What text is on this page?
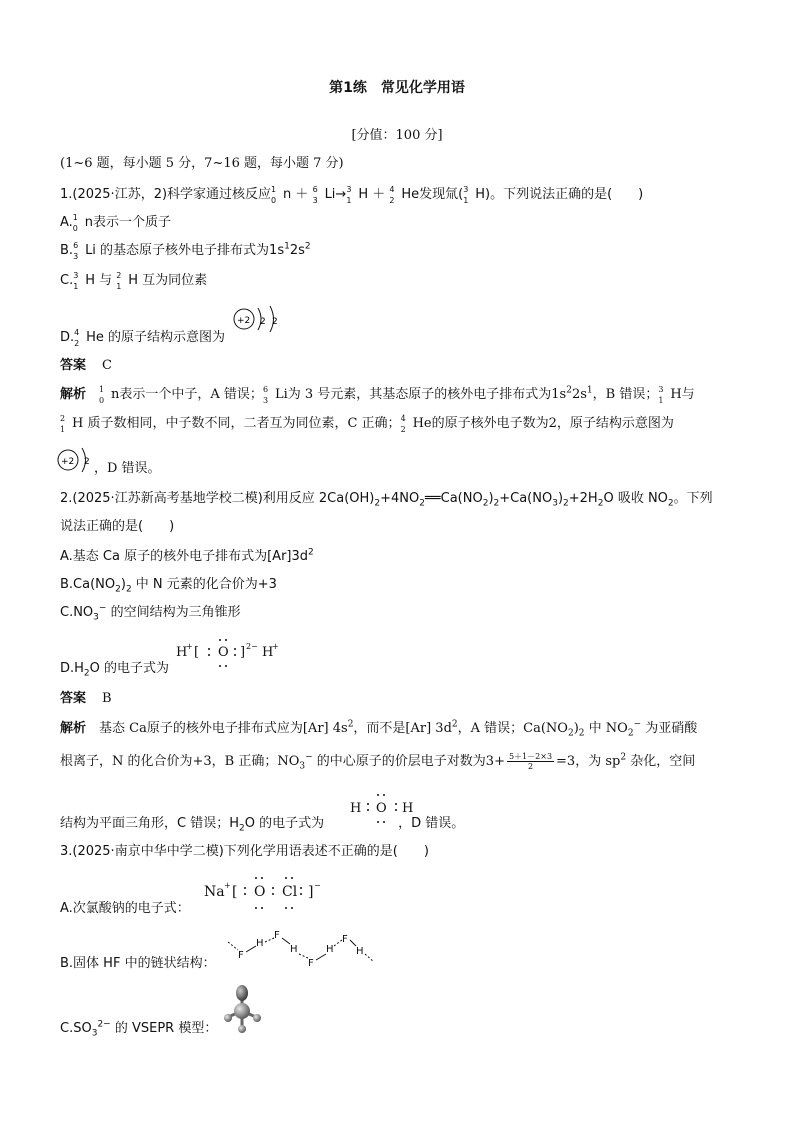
第1练　常见化学用语
[分值：100 分]
(1~6 题，每小题 5 分，7~16 题，每小题 7 分)
1.(2025·江苏，2)科学家通过核反应 1
0 n ＋ 6
3 Li→ 3
1 H ＋ 4
2 He发现氚( 3
1 H)。下列说法正确的是(　　)
A. 1
0 n表示一个质子
B. 6
3 Li 的基态原子核外电子排布式为$1s^12s^2$
C. 3
1 H 与 2
1 H 互为同位素
D. 4
2 He 的原子结构示意图为
+2 2 2
答案 C
解析　 1
0 n表示一个中子，A 错误； 6
3 Li为 3 号元素，其基态原子的核外电子排布式为$1s^22s^1$，B 错误； 3
1 H与
2
1 H 质子数相同，中子数不同，二者互为同位素，C 正确； 4
2 He的原子核外电子数为2，原子结构示意图为
+2 2 ，D 错误。
2.(2025·江苏新高考基地学校二模)利用反应 $2Ca(OH)_2+4NO_2══Ca(NO_2)_2+Ca(NO_3)_2+2H_2O$ 吸收 $NO_2$。下列
说法正确的是(　　)
A.基态 Ca 原子的核外电子排布式为$[Ar]3d^2$
$B.Ca(NO_2)_2$ 中 N 元素的化合价为+3
$C.NO_3^-$ 的空间结构为三角锥形
$D.H_2O$ 的电子式为
H
+ [ O ] 2− H
+
答案 B
解析　 基态 Ca原子的核外电子排布式应为[Ar] $4s^2$，而不是[Ar] $3d^2$，A 错误；$Ca(NO_2)_2$ 中 $NO_2^-$ 为亚硝酸
根离子，N 的化合价为+3，B 正确；$NO_3^-$ 的中心原子的价层电子对数为$3+ \frac{5+1-2\times 3}{2} =3$，为 $sp^2$ 杂化，空间
H O H
结构为平面三角形，C 错误；$H_2O$ 的电子式为	，D 错误。
3.(2025·南京中华中学二模)下列化学用语表述不正确的是(　　)
A.次氯酸钠的电子式：
Na + [ O Cl ] −
B.固体 HF 中的链状结构：
F
H
F
H
F
H
F
H
$C.SO_3^{2-}$ 的 VSEPR 模型：
